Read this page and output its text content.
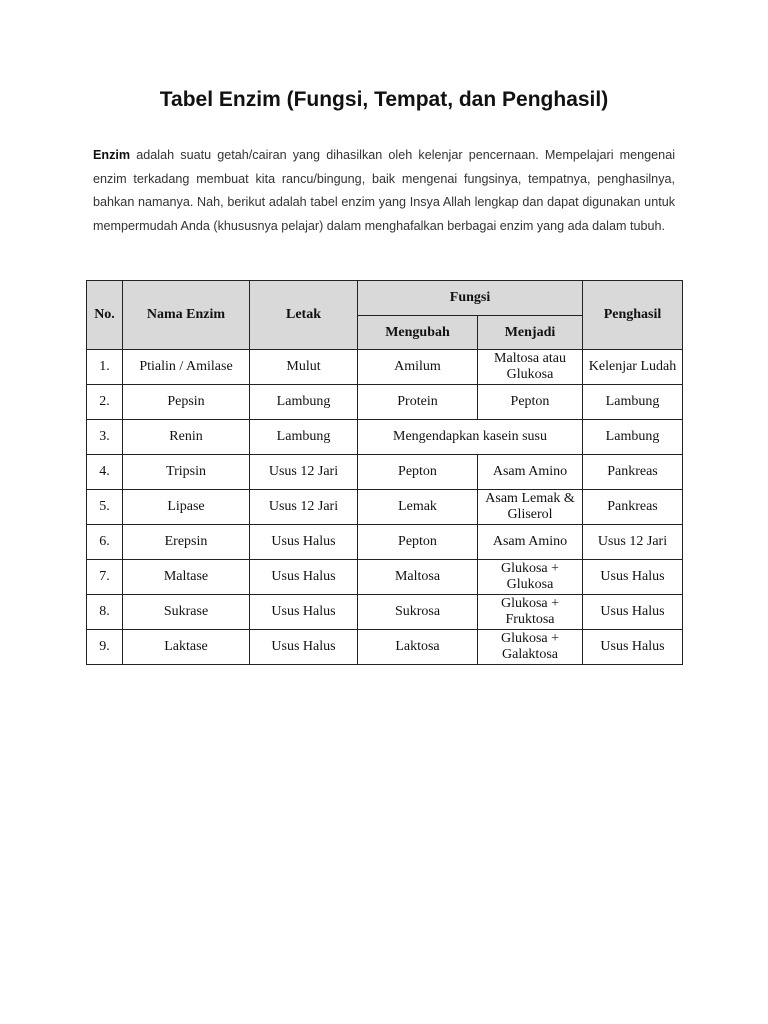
Tabel Enzim (Fungsi, Tempat, dan Penghasil)

Enzim adalah suatu getah/cairan yang dihasilkan oleh kelenjar pencernaan. Mempelajari mengenai enzim terkadang membuat kita rancu/bingung, baik mengenai fungsinya, tempatnya, penghasilnya, bahkan namanya. Nah, berikut adalah tabel enzim yang Insya Allah lengkap dan dapat digunakan untuk mempermudah Anda (khususnya pelajar) dalam menghafalkan berbagai enzim yang ada dalam tubuh.

No.	Nama Enzim	Letak	Fungsi		Penghasil
			Mengubah	Menjadi	
1.	Ptialin / Amilase	Mulut	Amilum	Maltosa atau Glukosa	Kelenjar Ludah
2.	Pepsin	Lambung	Protein	Pepton	Lambung
3.	Renin	Lambung	Mengendapkan kasein susu		Lambung
4.	Tripsin	Usus 12 Jari	Pepton	Asam Amino	Pankreas
5.	Lipase	Usus 12 Jari	Lemak	Asam Lemak & Gliserol	Pankreas
6.	Erepsin	Usus Halus	Pepton	Asam Amino	Usus 12 Jari
7.	Maltase	Usus Halus	Maltosa	Glukosa + Glukosa	Usus Halus
8.	Sukrase	Usus Halus	Sukrosa	Glukosa + Fruktosa	Usus Halus
9.	Laktase	Usus Halus	Laktosa	Glukosa + Galaktosa	Usus Halus
